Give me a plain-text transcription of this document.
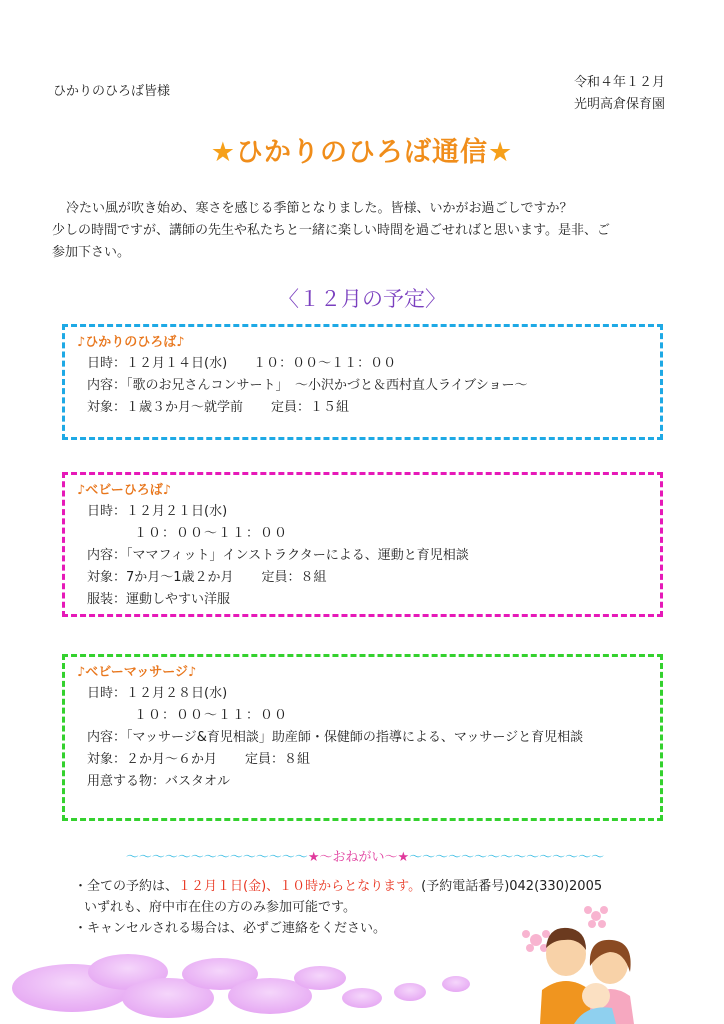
ひかりのひろば皆様
令和４年１２月
光明高倉保育園
★ひかりのひろば通信★

冷たい風が吹き始め、寒さを感じる季節となりました。皆様、いかがお過ごしですか？

少しの時間ですが、講師の先生や私たちと一緒に楽しい時間を過ごせればと思います。是非、ご

参加下さい。

〈１２月の予定〉
♪ひかりのひろば♪
日時：１２月１４日(水)　　１０：００～１１：００
内容：「歌のお兄さんコンサート」　～小沢かづと＆西村直人ライブショー～
対象：１歳３か月～就学前 定員：１５組
♪ベビーひろば♪
日時：１２月２１日(水)
１０：００～１１：００
内容：「ママフィット」インストラクターによる、運動と育児相談
対象：7か月～1歳２か月 定員：８組
服装：運動しやすい洋服
♪ベビーマッサージ♪
日時：１２月２８日(水)
１０：００～１１：００
内容：「マッサージ&育児相談」助産師・保健師の指導による、マッサージと育児相談
対象：２か月～６か月 定員：８組
用意する物：バスタオル
～～～～～～～～～～～～～～★～おねがい～★～～～～～～～～～～～～～～～
・全ての予約は、１２月１日(金)、１０時からとなります。(予約電話番号)042(330)2005
いずれも、府中市在住の方のみ参加可能です。
・キャンセルされる場合は、必ずご連絡をください。
